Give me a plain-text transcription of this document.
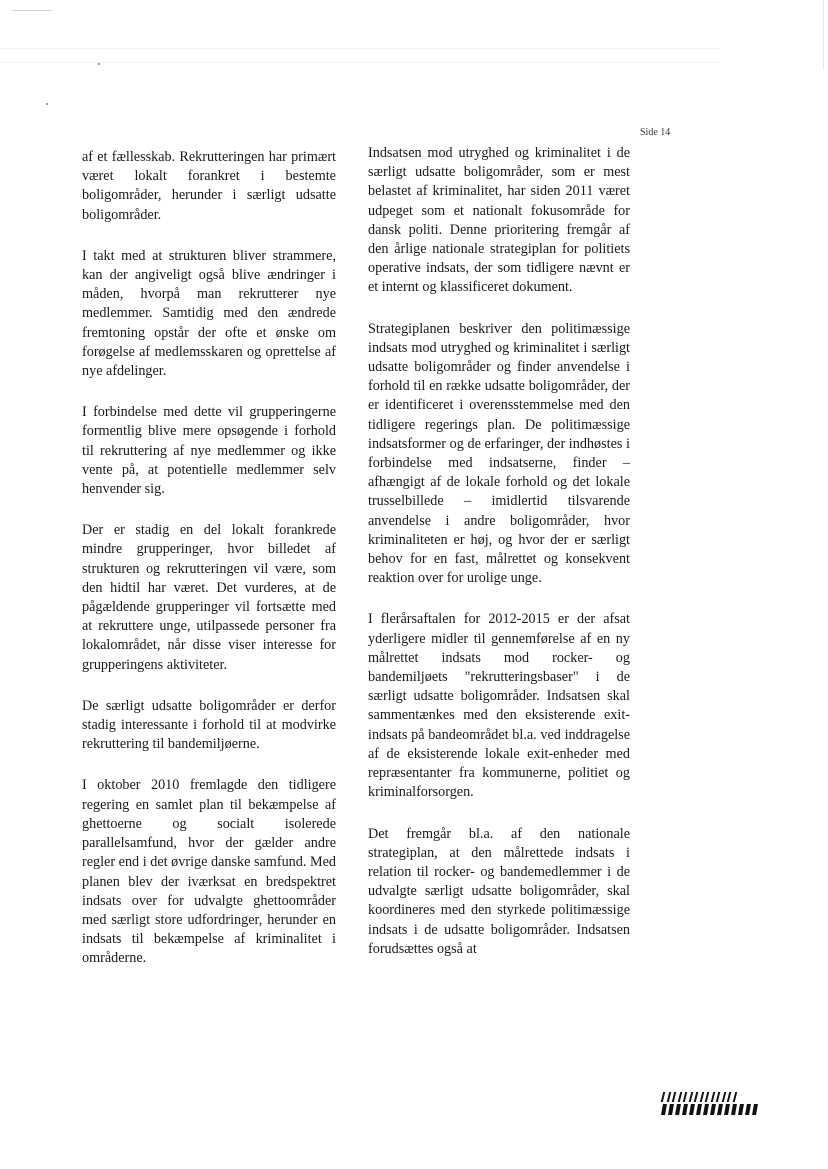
Side 14

af et fællesskab. Rekrutteringen har primært været lokalt forankret i bestemte boligområder, herunder i særligt udsatte boligområder.

I takt med at strukturen bliver strammere, kan der angiveligt også blive ændringer i måden, hvorpå man rekrutterer nye medlemmer. Samtidig med den ændrede fremtoning opstår der ofte et ønske om forøgelse af medlemsskaren og oprettelse af nye afdelinger.

I forbindelse med dette vil grupperingerne formentlig blive mere opsøgende i forhold til rekruttering af nye medlemmer og ikke vente på, at potentielle medlemmer selv henvender sig.

Der er stadig en del lokalt forankrede mindre grupperinger, hvor billedet af strukturen og rekrutteringen vil være, som den hidtil har været. Det vurderes, at de pågældende grupperinger vil fortsætte med at rekruttere unge, utilpassede personer fra lokalområdet, når disse viser interesse for grupperingens aktiviteter.

De særligt udsatte boligområder er derfor stadig interessante i forhold til at modvirke rekruttering til bandemiljøerne.

I oktober 2010 fremlagde den tidligere regering en samlet plan til bekæmpelse af ghettoerne og socialt isolerede parallelsamfund, hvor der gælder andre regler end i det øvrige danske samfund. Med planen blev der iværksat en bredspektret indsats over for udvalgte ghettoområder med særligt store udfordringer, herunder en indsats til bekæmpelse af kriminalitet i områderne.

Indsatsen mod utryghed og kriminalitet i de særligt udsatte boligområder, som er mest belastet af kriminalitet, har siden 2011 været udpeget som et nationalt fokusområde for dansk politi. Denne prioritering fremgår af den årlige nationale strategiplan for politiets operative indsats, der som tidligere nævnt er et internt og klassificeret dokument.

Strategiplanen beskriver den politimæssige indsats mod utryghed og kriminalitet i særligt udsatte boligområder og finder anvendelse i forhold til en række udsatte boligområder, der er identificeret i overensstemmelse med den tidligere regerings plan. De politimæssige indsatsformer og de erfaringer, der indhøstes i forbindelse med indsatserne, finder – afhængigt af de lokale forhold og det lokale trusselbillede – imidlertid tilsvarende anvendelse i andre boligområder, hvor kriminaliteten er høj, og hvor der er særligt behov for en fast, målrettet og konsekvent reaktion over for urolige unge.

I flerårsaftalen for 2012-2015 er der afsat yderligere midler til gennemførelse af en ny målrettet indsats mod rocker- og bandemiljøets "rekrutteringsbaser" i de særligt udsatte boligområder. Indsatsen skal sammentænkes med den eksisterende exit-indsats på bandeområdet bl.a. ved inddragelse af de eksisterende lokale exit-enheder med repræsentanter fra kommunerne, politiet og kriminalforsorgen.

Det fremgår bl.a. af den nationale strategiplan, at den målrettede indsats i relation til rocker- og bandemedlemmer i de udvalgte særligt udsatte boligområder, skal koordineres med den styrkede politimæssige indsats i de udsatte boligområder. Indsatsen forudsættes også at
